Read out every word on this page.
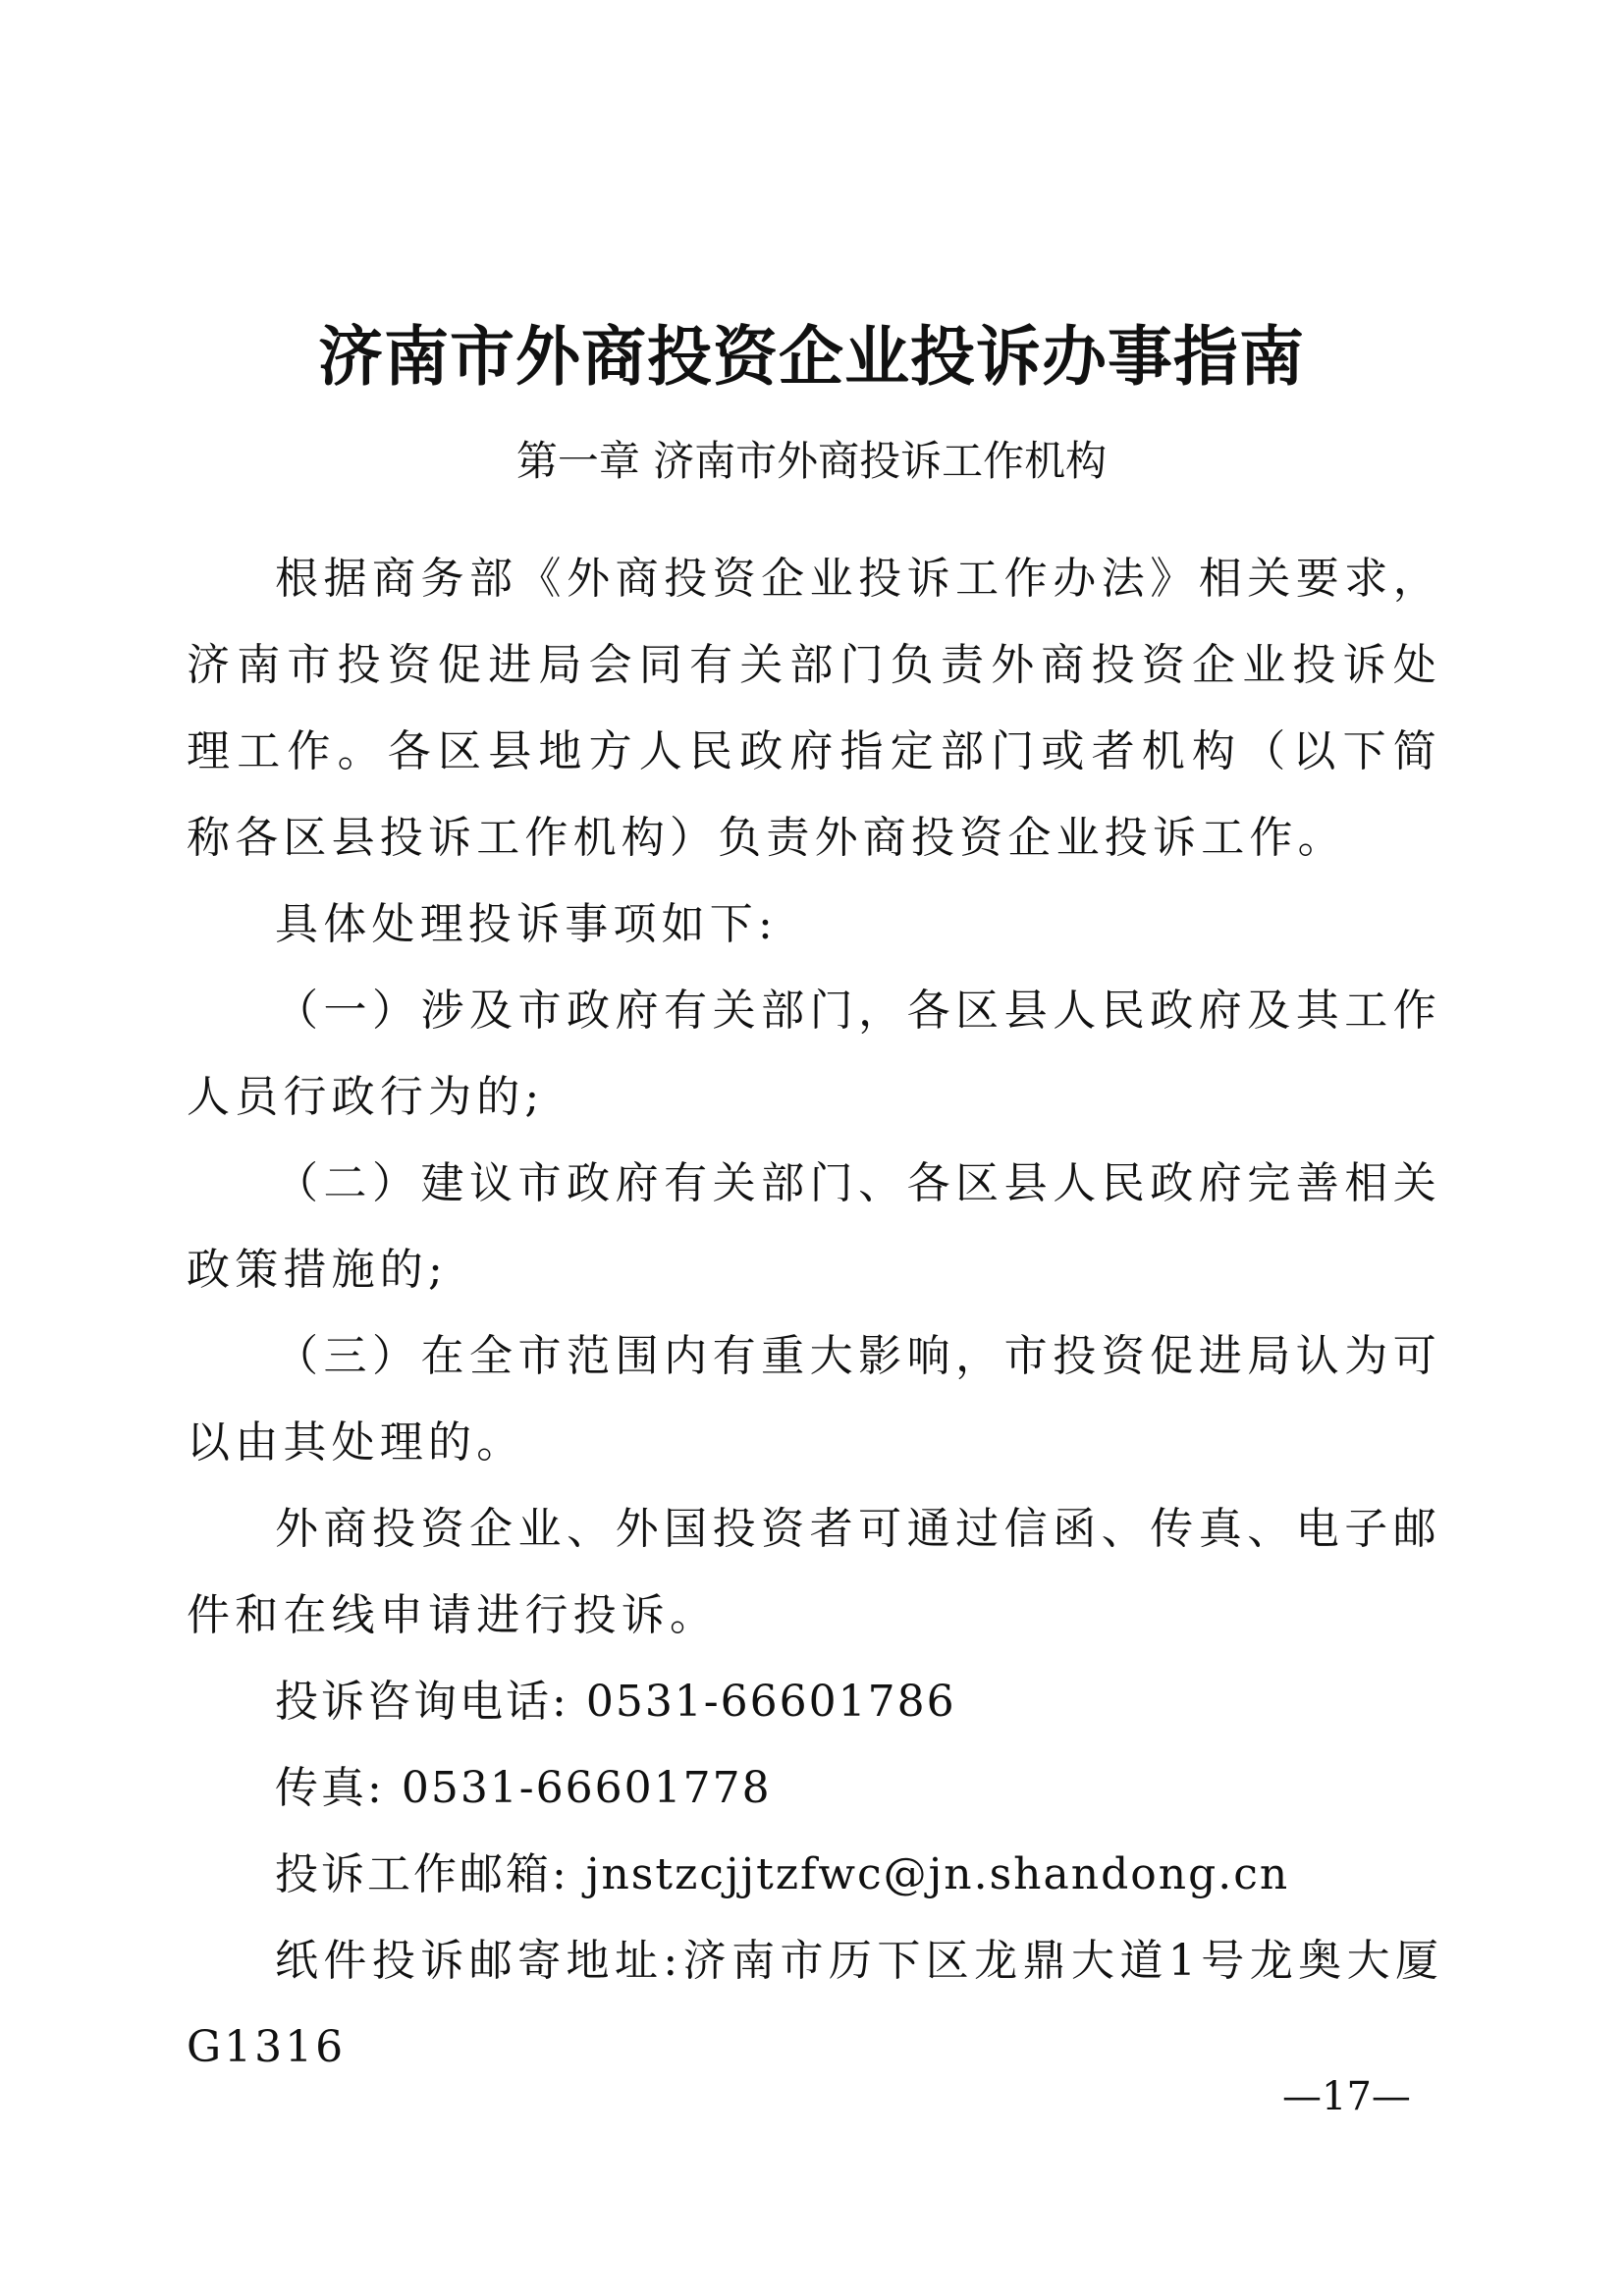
济南市外商投资企业投诉办事指南
第一章 济南市外商投诉工作机构

根据商务部《外商投资企业投诉工作办法》相关要求，济南市投资促进局会同有关部门负责外商投资企业投诉处理工作。各区县地方人民政府指定部门或者机构（以下简称各区县投诉工作机构）负责外商投资企业投诉工作。

具体处理投诉事项如下:

（一）涉及市政府有关部门，各区县人民政府及其工作人员行政行为的;

（二）建议市政府有关部门、各区县人民政府完善相关政策措施的;

（三）在全市范围内有重大影响，市投资促进局认为可以由其处理的。

外商投资企业、外国投资者可通过信函、传真、电子邮件和在线申请进行投诉。

投诉咨询电话: 0531-66601786

传真: 0531-66601778

投诉工作邮箱: jnstzcjjtzfwc@jn.shandong.cn

纸件投诉邮寄地址:济南市历下区龙鼎大道1号龙奥大厦G1316

—17—
